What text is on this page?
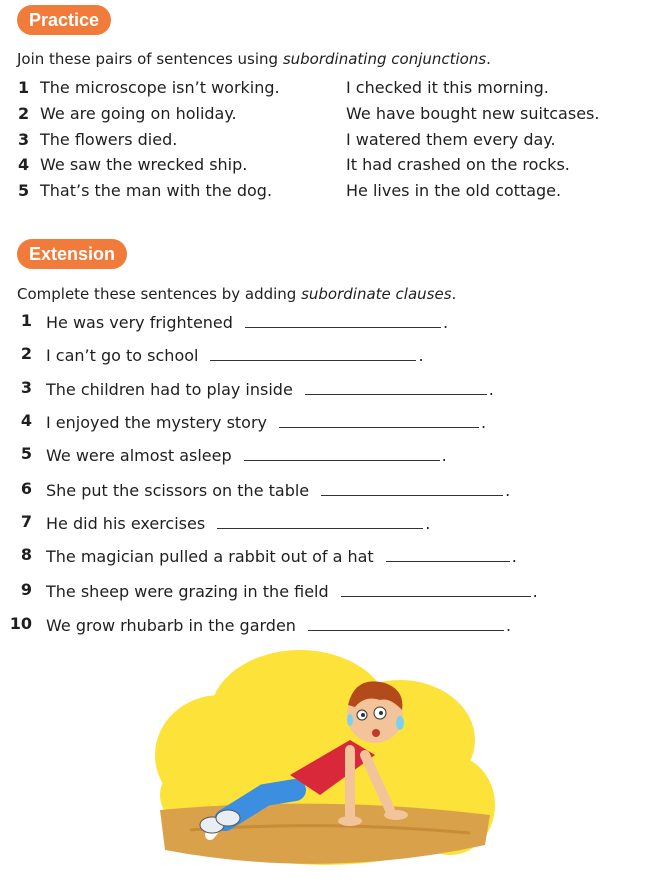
Practice
Join these pairs of sentences using subordinating conjunctions.
1 The microscope isn’t working.	I checked it this morning.
2 We are going on holiday.	We have bought new suitcases.
3 The flowers died.	I watered them every day.
4 We saw the wrecked ship.	It had crashed on the rocks.
5 That’s the man with the dog.	He lives in the old cottage.
Extension
Complete these sentences by adding subordinate clauses.
1 He was very frightened	.
2 I can’t go to school	.
3 The children had to play inside	.
4 I enjoyed the mystery story	.
5 We were almost asleep	.
6 She put the scissors on the table	.
7 He did his exercises	.
8 The magician pulled a rabbit out of a hat	.
9 The sheep were grazing in the field	.
10 We grow rhubarb in the garden	.
